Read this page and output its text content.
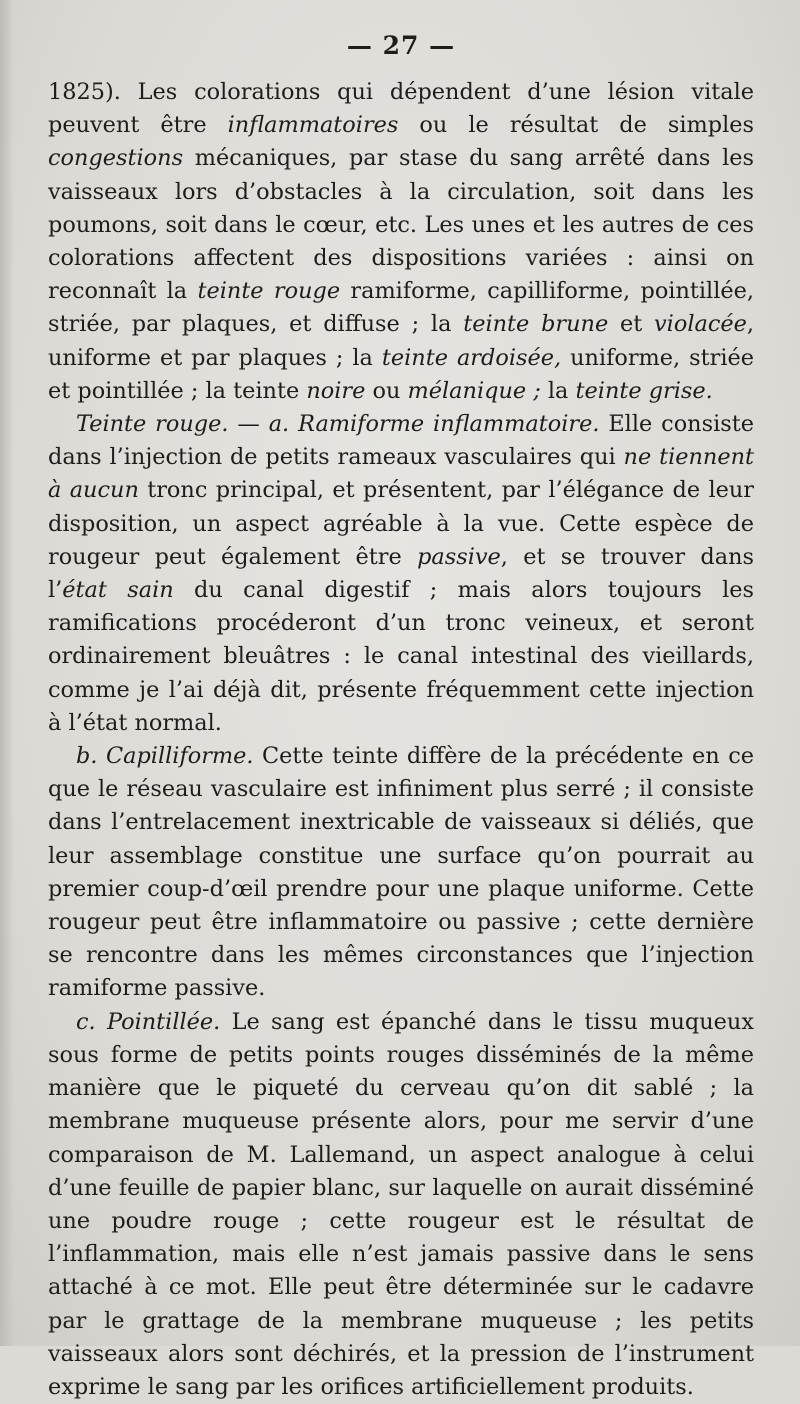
— 27 —

1825). Les colorations qui dépendent d’une lésion vitale peuvent être inflammatoires ou le résultat de simples congestions mécaniques, par stase du sang arrêté dans les vaisseaux lors d’obstacles à la circulation, soit dans les poumons, soit dans le cœur, etc. Les unes et les autres de ces colorations affectent des dispositions variées : ainsi on reconnaît la teinte rouge ramiforme, capilliforme, pointillée, striée, par plaques, et diffuse ; la teinte brune et violacée, uniforme et par plaques ; la teinte ardoisée, uniforme, striée et pointillée ; la teinte noire ou mélanique ; la teinte grise.

Teinte rouge. — a. Ramiforme inflammatoire. Elle consiste dans l’injection de petits rameaux vasculaires qui ne tiennent à aucun tronc principal, et présentent, par l’élégance de leur disposition, un aspect agréable à la vue. Cette espèce de rougeur peut également être passive, et se trouver dans l’état sain du canal digestif ; mais alors toujours les ramifications procéderont d’un tronc veineux, et seront ordinairement bleuâtres : le canal intestinal des vieillards, comme je l’ai déjà dit, présente fréquemment cette injection à l’état normal.

b. Capilliforme. Cette teinte diffère de la précédente en ce que le réseau vasculaire est infiniment plus serré ; il consiste dans l’entrelacement inextricable de vaisseaux si déliés, que leur assemblage constitue une surface qu’on pourrait au premier coup-d’œil prendre pour une plaque uniforme. Cette rougeur peut être inflammatoire ou passive ; cette dernière se rencontre dans les mêmes circonstances que l’injection ramiforme passive.

c. Pointillée. Le sang est épanché dans le tissu muqueux sous forme de petits points rouges disséminés de la même manière que le piqueté du cerveau qu’on dit sablé ; la membrane muqueuse présente alors, pour me servir d’une comparaison de M. Lallemand, un aspect analogue à celui d’une feuille de papier blanc, sur laquelle on aurait disséminé une poudre rouge ; cette rougeur est le résultat de l’inflammation, mais elle n’est jamais passive dans le sens attaché à ce mot. Elle peut être déterminée sur le cadavre par le grattage de la membrane muqueuse ; les petits vaisseaux alors sont déchirés, et la pression de l’instrument exprime le sang par les orifices artificiellement produits.
